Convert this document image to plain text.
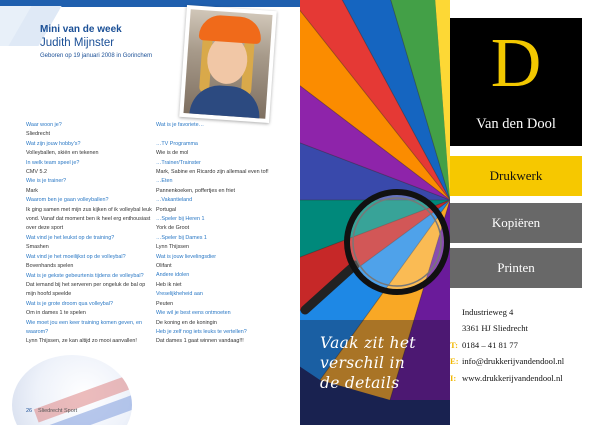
Mini van de week
Judith Mijnster
Geboren op 19 januari 2008 in Gorinchem
Waar woon je?
Sliedrecht
Wat zijn jouw hobby's?
Volleyballen, skiën en tekenen
In welk team speel je?
CMV 5.2
Wie is je trainer?
Mark
Waarom ben je gaan volleyballen?
Ik ging samen met mijn zus kijken of ik volleybal leuk vond. Vanaf dat moment ben ik heel erg enthousiast over deze sport
Wat vind je het leukst op de training?
Smashen
Wat vind je het moeilijkst op de volleybal?
Bovenhands spelen
Wat is je gekste gebeurtenis tijdens de volleybal?
Dat iemand bij het serveren per ongeluk de bal op mijn hoofd speelde
Wat is je grote droom qua volleybal?
Om in dames 1 te spelen
Wie moet jou een keer training komen geven, en waarom?
Lynn Thijssen, ze kan altijd zo mooi aanvallen!
Wat is je favoriete…
…TV Programma
Wie is de mol
…Trainer/Trainster
Mark, Sabine en Ricardo zijn allemaal even tof!
…Eten
Pannenkoeken, poffertjes en friet
…Vakantieland
Portugal
…Speler bij Heren 1
York de Groot
…Speler bij Dames 1
Lynn Thijssen
Wat is jouw lievelingsdier
Olifant
Andere idolen
Heb ik niet
Vreselijkheheid aan
Peuten
Wie wil je best eens ontmoeten
De koning en de koningin
Heb je zelf nog iets leuks te vertellen?
Dat dames 1 gaat winnen vandaag!!!
26 Sliedrecht Sport
Vaak zit het
verschil in
de details
D
Van den Dool
Drukwerk
Kopiëren
Printen
Industrieweg 4
3361 HJ Sliedrecht
T: 0184 – 41 81 77
E: info@drukkerijvandendool.nl
I: www.drukkerijvandendool.nl
